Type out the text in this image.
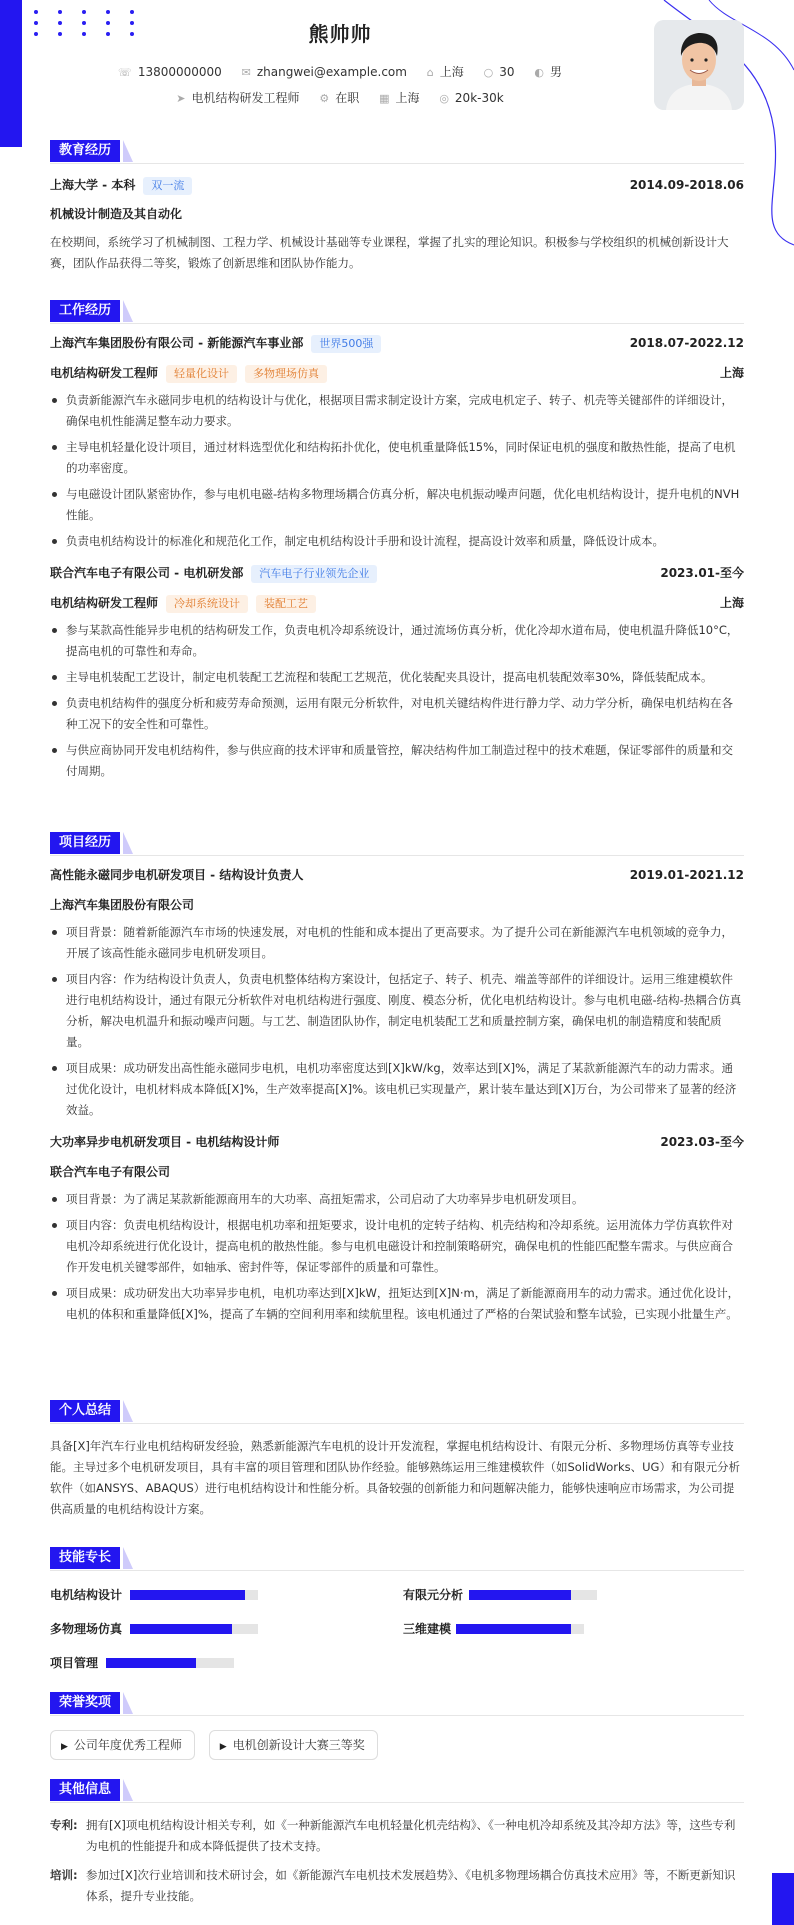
熊帅帅
☏ 13800000000 ✉ zhangwei@example.com ⌂ 上海 ○ 30 ◐ 男
➤ 电机结构研发工程师 ⚙ 在职 ▦ 上海 ◎ 20k-30k
教育经历
上海大学 - 本科 双一流	2014.09-2018.06
机械设计制造及其自动化
在校期间，系统学习了机械制图、工程力学、机械设计基础等专业课程，掌握了扎实的理论知识。积极参与学校组织的机械创新设计大赛，团队作品获得二等奖，锻炼了创新思维和团队协作能力。
工作经历
上海汽车集团股份有限公司 - 新能源汽车事业部 世界500强	2018.07-2022.12
电机结构研发工程师 轻量化设计 多物理场仿真	上海
负责新能源汽车永磁同步电机的结构设计与优化，根据项目需求制定设计方案，完成电机定子、转子、机壳等关键部件的详细设计，确保电机性能满足整车动力要求。
主导电机轻量化设计项目，通过材料选型优化和结构拓扑优化，使电机重量降低15%，同时保证电机的强度和散热性能，提高了电机的功率密度。
与电磁设计团队紧密协作，参与电机电磁-结构多物理场耦合仿真分析，解决电机振动噪声问题，优化电机结构设计，提升电机的NVH性能。
负责电机结构设计的标准化和规范化工作，制定电机结构设计手册和设计流程，提高设计效率和质量，降低设计成本。
联合汽车电子有限公司 - 电机研发部 汽车电子行业领先企业	2023.01-至今
电机结构研发工程师 冷却系统设计 装配工艺	上海
参与某款高性能异步电机的结构研发工作，负责电机冷却系统设计，通过流场仿真分析，优化冷却水道布局，使电机温升降低10°C，提高电机的可靠性和寿命。
主导电机装配工艺设计，制定电机装配工艺流程和装配工艺规范，优化装配夹具设计，提高电机装配效率30%，降低装配成本。
负责电机结构件的强度分析和疲劳寿命预测，运用有限元分析软件，对电机关键结构件进行静力学、动力学分析，确保电机结构在各种工况下的安全性和可靠性。
与供应商协同开发电机结构件，参与供应商的技术评审和质量管控，解决结构件加工制造过程中的技术难题，保证零部件的质量和交付周期。
项目经历
高性能永磁同步电机研发项目 - 结构设计负责人	2019.01-2021.12
上海汽车集团股份有限公司
项目背景：随着新能源汽车市场的快速发展，对电机的性能和成本提出了更高要求。为了提升公司在新能源汽车电机领域的竞争力，开展了该高性能永磁同步电机研发项目。
项目内容：作为结构设计负责人，负责电机整体结构方案设计，包括定子、转子、机壳、端盖等部件的详细设计。运用三维建模软件进行电机结构设计，通过有限元分析软件对电机结构进行强度、刚度、模态分析，优化电机结构设计。参与电机电磁-结构-热耦合仿真分析，解决电机温升和振动噪声问题。与工艺、制造团队协作，制定电机装配工艺和质量控制方案，确保电机的制造精度和装配质量。
项目成果：成功研发出高性能永磁同步电机，电机功率密度达到[X]kW/kg，效率达到[X]%，满足了某款新能源汽车的动力需求。通过优化设计，电机材料成本降低[X]%，生产效率提高[X]%。该电机已实现量产，累计装车量达到[X]万台，为公司带来了显著的经济效益。
大功率异步电机研发项目 - 电机结构设计师	2023.03-至今
联合汽车电子有限公司
项目背景：为了满足某款新能源商用车的大功率、高扭矩需求，公司启动了大功率异步电机研发项目。
项目内容：负责电机结构设计，根据电机功率和扭矩要求，设计电机的定转子结构、机壳结构和冷却系统。运用流体力学仿真软件对电机冷却系统进行优化设计，提高电机的散热性能。参与电机电磁设计和控制策略研究，确保电机的性能匹配整车需求。与供应商合作开发电机关键零部件，如轴承、密封件等，保证零部件的质量和可靠性。
项目成果：成功研发出大功率异步电机，电机功率达到[X]kW，扭矩达到[X]N·m，满足了新能源商用车的动力需求。通过优化设计，电机的体积和重量降低[X]%，提高了车辆的空间利用率和续航里程。该电机通过了严格的台架试验和整车试验，已实现小批量生产。
个人总结
具备[X]年汽车行业电机结构研发经验，熟悉新能源汽车电机的设计开发流程，掌握电机结构设计、有限元分析、多物理场仿真等专业技能。主导过多个电机研发项目，具有丰富的项目管理和团队协作经验。能够熟练运用三维建模软件（如SolidWorks、UG）和有限元分析软件（如ANSYS、ABAQUS）进行电机结构设计和性能分析。具备较强的创新能力和问题解决能力，能够快速响应市场需求，为公司提供高质量的电机结构设计方案。
技能专长
电机结构设计	有限元分析
多物理场仿真	三维建模
项目管理
荣誉奖项
▶ 公司年度优秀工程师	▶ 电机创新设计大赛三等奖
其他信息
专利: 拥有[X]项电机结构设计相关专利，如《一种新能源汽车电机轻量化机壳结构》、《一种电机冷却系统及其冷却方法》等，这些专利为电机的性能提升和成本降低提供了技术支持。
培训: 参加过[X]次行业培训和技术研讨会，如《新能源汽车电机技术发展趋势》、《电机多物理场耦合仿真技术应用》等，不断更新知识体系，提升专业技能。
